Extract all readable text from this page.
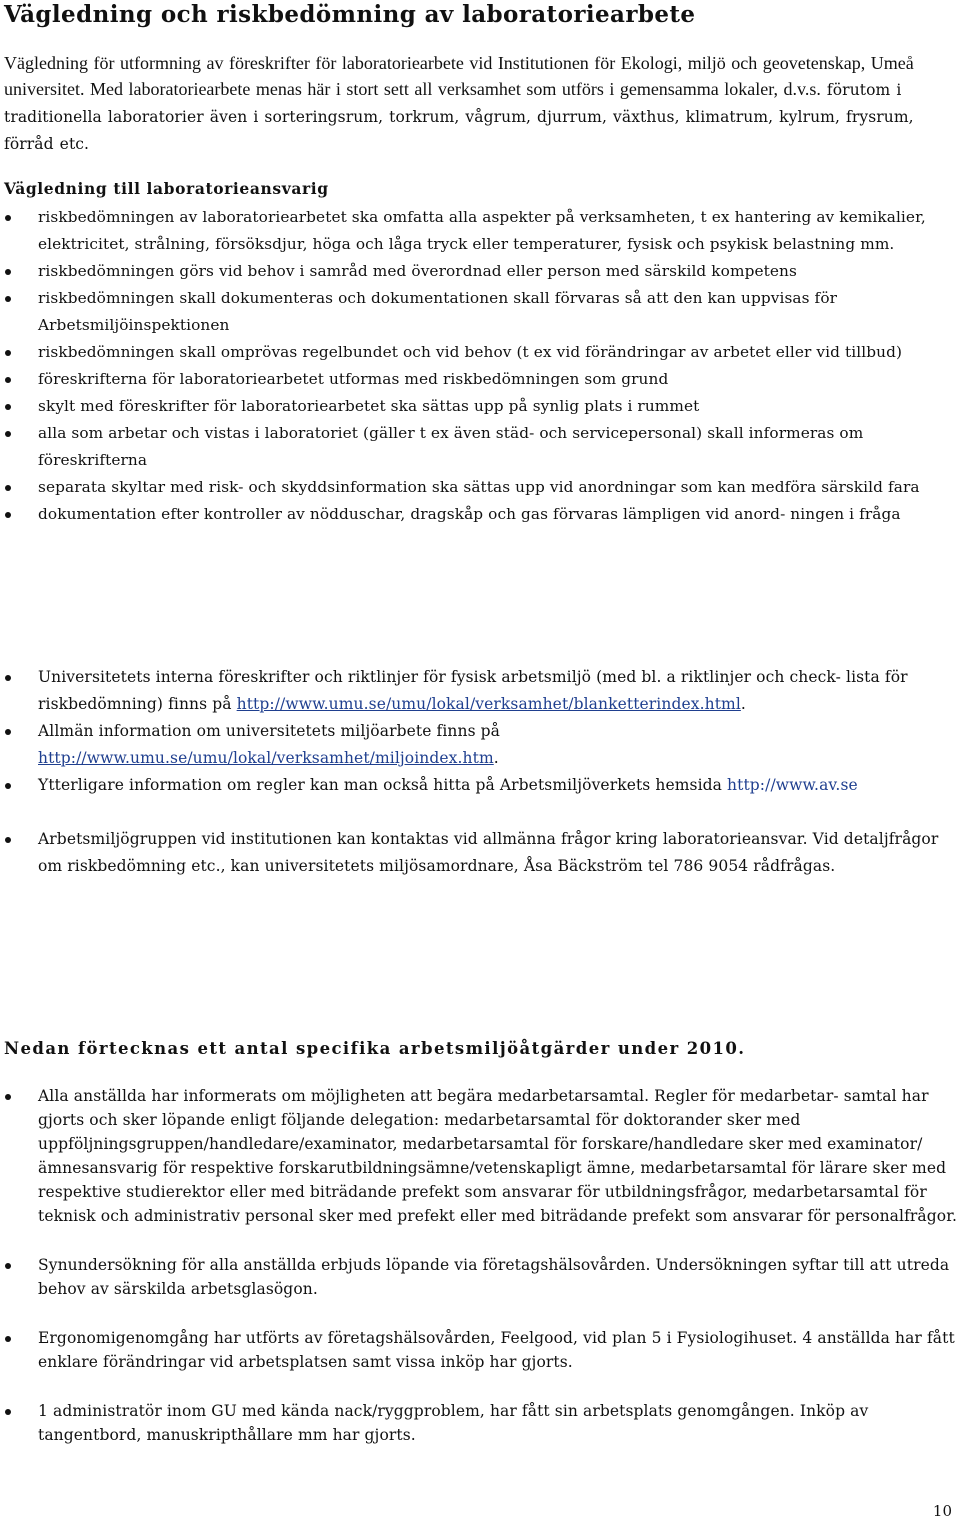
Vägledning och riskbedömning av laboratoriearbete

Vägledning för utformning av föreskrifter för laboratoriearbete vid Institutionen för Ekologi, miljö och geovetenskap, Umeå universitet. Med laboratoriearbete menas här i stort sett all verksamhet som utförs i gemensamma lokaler, d.v.s. förutom i traditionella laboratorier även i sorteringsrum, torkrum, vågrum, djurrum, växthus, klimatrum, kylrum, frysrum, förråd etc.

Vägledning till laboratorieansvarig
riskbedömningen av laboratoriearbetet ska omfatta alla aspekter på verksamheten, t ex hantering av kemikalier, elektricitet, strålning, försöksdjur, höga och låga tryck eller temperaturer, fysisk och psykisk belastning mm.
riskbedömningen görs vid behov i samråd med överordnad eller person med särskild kompetens
riskbedömningen skall dokumenteras och dokumentationen skall förvaras så att den kan uppvisas för Arbetsmiljöinspektionen
riskbedömningen skall omprövas regelbundet och vid behov (t ex vid förändringar av arbetet eller vid tillbud)
föreskrifterna för laboratoriearbetet utformas med riskbedömningen som grund
skylt med föreskrifter för laboratoriearbetet ska sättas upp på synlig plats i rummet
alla som arbetar och vistas i laboratoriet (gäller t ex även städ- och servicepersonal) skall informeras om föreskrifterna
separata skyltar med risk- och skyddsinformation ska sättas upp vid anordningar som kan medföra särskild fara
dokumentation efter kontroller av nödduschar, dragskåp och gas förvaras lämpligen vid anord- ningen i fråga
Universitetets interna föreskrifter och riktlinjer för fysisk arbetsmiljö (med bl. a riktlinjer och check- lista för riskbedömning) finns på http://www.umu.se/umu/lokal/verksamhet/blanketterindex.html.
Allmän information om universitetets miljöarbete finns på http://www.umu.se/umu/lokal/verksamhet/miljoindex.htm.
Ytterligare information om regler kan man också hitta på Arbetsmiljöverkets hemsida http://www.av.se
Arbetsmiljögruppen vid institutionen kan kontaktas vid allmänna frågor kring laboratorieansvar. Vid detaljfrågor om riskbedömning etc., kan universitetets miljösamordnare, Åsa Bäckström tel 786 9054 rådfrågas.
Nedan förtecknas ett antal specifika arbetsmiljöåtgärder under 2010.
Alla anställda har informerats om möjligheten att begära medarbetarsamtal. Regler för medarbetar- samtal har gjorts och sker löpande enligt följande delegation: medarbetarsamtal för doktorander sker med uppföljningsgruppen/handledare/examinator, medarbetarsamtal för forskare/handledare sker med examinator/ämnesansvarig för respektive forskarutbildningsämne/vetenskapligt ämne, medarbetarsamtal för lärare sker med respektive studierektor eller med biträdande prefekt som ansvarar för utbildningsfrågor, medarbetarsamtal för teknisk och administrativ personal sker med prefekt eller med biträdande prefekt som ansvarar för personalfrågor.
Synundersökning för alla anställda erbjuds löpande via företagshälsovården. Undersökningen syftar till att utreda behov av särskilda arbetsglasögon.
Ergonomigenomgång har utförts av företagshälsovården, Feelgood, vid plan 5 i Fysiologihuset. 4 anställda har fått enklare förändringar vid arbetsplatsen samt vissa inköp har gjorts.
1 administratör inom GU med kända nack/ryggproblem, har fått sin arbetsplats genomgången. Inköp av tangentbord, manuskripthållare mm har gjorts.
10
